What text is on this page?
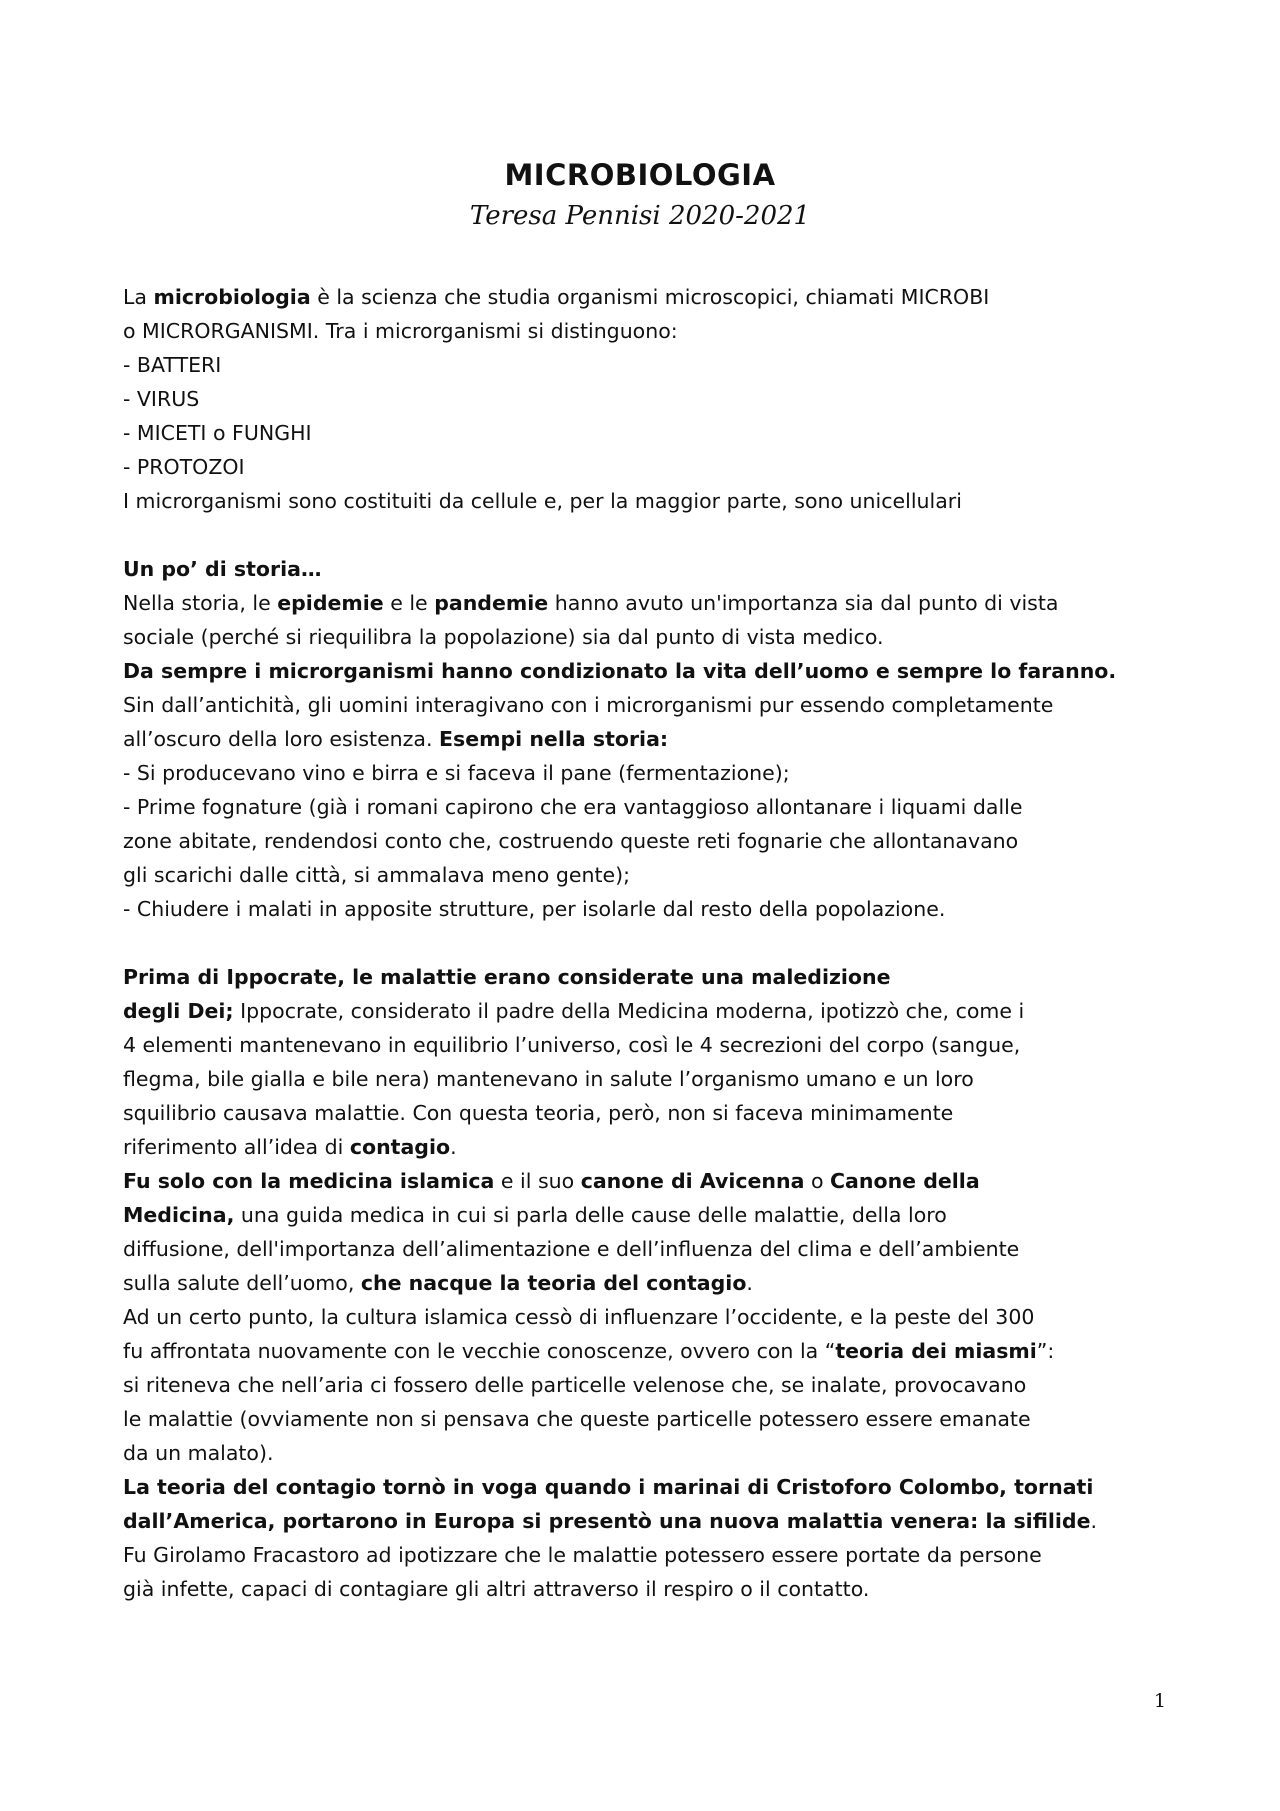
MICROBIOLOGIA
Teresa Pennisi 2020-2021
La microbiologia è la scienza che studia organismi microscopici, chiamati MICROBI
o MICRORGANISMI. Tra i microrganismi si distinguono:
- BATTERI
- VIRUS
- MICETI o FUNGHI
- PROTOZOI
I microrganismi sono costituiti da cellule e, per la maggior parte, sono unicellulari
Un po’ di storia…
Nella storia, le epidemie e le pandemie hanno avuto un'importanza sia dal punto di vista
sociale (perché si riequilibra la popolazione) sia dal punto di vista medico.
Da sempre i microrganismi hanno condizionato la vita dell’uomo e sempre lo faranno.
Sin dall’antichità, gli uomini interagivano con i microrganismi pur essendo completamente
all’oscuro della loro esistenza. Esempi nella storia:
- Si producevano vino e birra e si faceva il pane (fermentazione);
- Prime fognature (già i romani capirono che era vantaggioso allontanare i liquami dalle
zone abitate, rendendosi conto che, costruendo queste reti fognarie che allontanavano
gli scarichi dalle città, si ammalava meno gente);
- Chiudere i malati in apposite strutture, per isolarle dal resto della popolazione.
Prima di Ippocrate, le malattie erano considerate una maledizione
degli Dei; Ippocrate, considerato il padre della Medicina moderna, ipotizzò che, come i
4 elementi mantenevano in equilibrio l’universo, così le 4 secrezioni del corpo (sangue,
flegma, bile gialla e bile nera) mantenevano in salute l’organismo umano e un loro
squilibrio causava malattie. Con questa teoria, però, non si faceva minimamente
riferimento all’idea di contagio.
Fu solo con la medicina islamica e il suo canone di Avicenna o Canone della
Medicina, una guida medica in cui si parla delle cause delle malattie, della loro
diffusione, dell'importanza dell’alimentazione e dell’influenza del clima e dell’ambiente
sulla salute dell’uomo, che nacque la teoria del contagio.
Ad un certo punto, la cultura islamica cessò di influenzare l’occidente, e la peste del 300
fu affrontata nuovamente con le vecchie conoscenze, ovvero con la “teoria dei miasmi”:
si riteneva che nell’aria ci fossero delle particelle velenose che, se inalate, provocavano
le malattie (ovviamente non si pensava che queste particelle potessero essere emanate
da un malato).
La teoria del contagio tornò in voga quando i marinai di Cristoforo Colombo, tornati
dall’America, portarono in Europa si presentò una nuova malattia venera: la sifilide.
Fu Girolamo Fracastoro ad ipotizzare che le malattie potessero essere portate da persone
già infette, capaci di contagiare gli altri attraverso il respiro o il contatto.
1
